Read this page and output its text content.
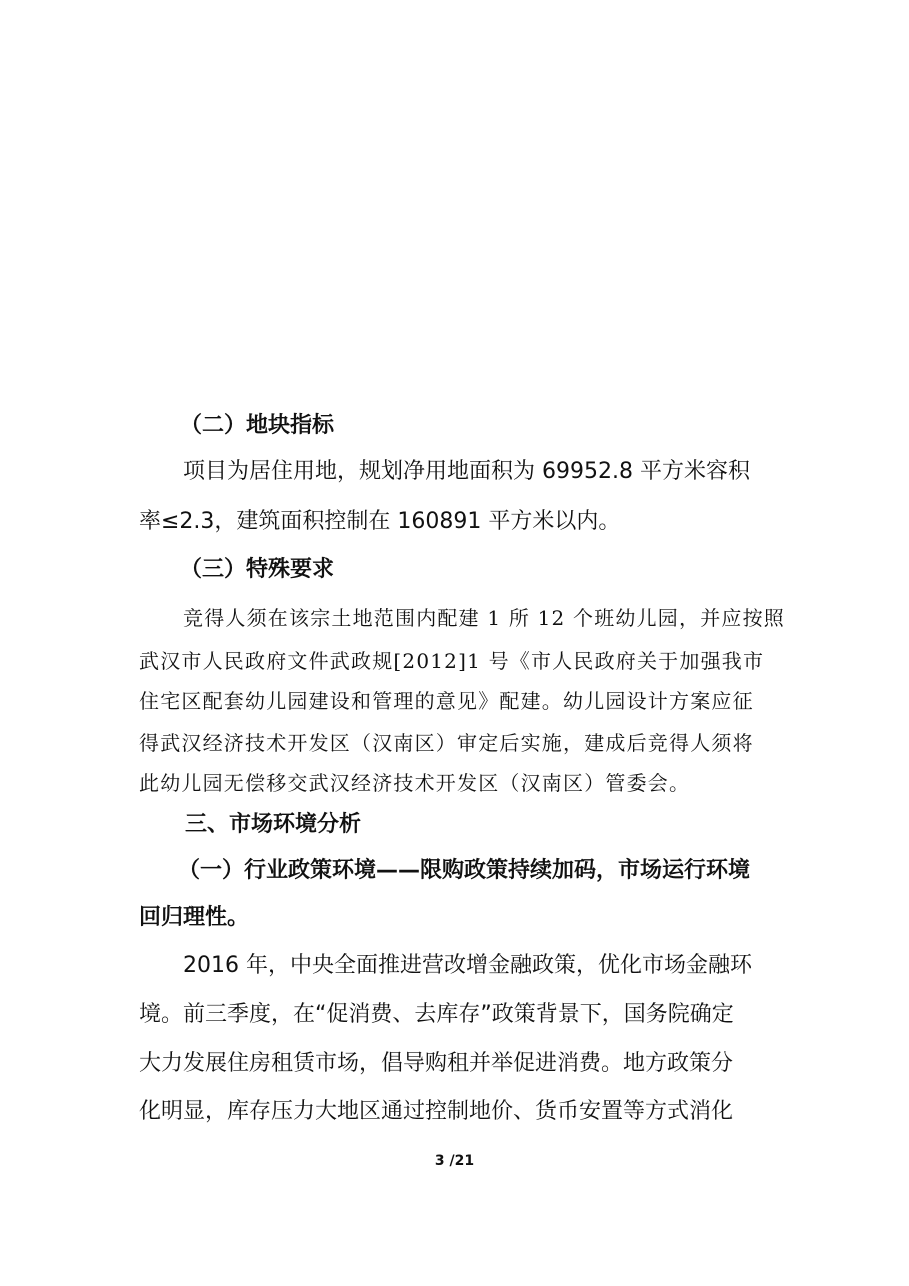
（二）地块指标
项目为居住用地，规划净用地面积为 69952.8 平方米容积
率≤2.3，建筑面积控制在 160891 平方米以内。
（三）特殊要求
竞得人须在该宗土地范围内配建 1 所 12 个班幼儿园，并应按照
武汉市人民政府文件武政规[2012]1 号《市人民政府关于加强我市
住宅区配套幼儿园建设和管理的意见》配建。幼儿园设计方案应征
得武汉经济技术开发区（汉南区）审定后实施，建成后竞得人须将
此幼儿园无偿移交武汉经济技术开发区（汉南区）管委会。
三、市场环境分析
（一）行业政策环境——限购政策持续加码，市场运行环境
回归理性。
2016 年，中央全面推进营改增金融政策，优化市场金融环
境。前三季度，在“促消费、去库存”政策背景下，国务院确定
大力发展住房租赁市场，倡导购租并举促进消费。地方政策分
化明显，库存压力大地区通过控制地价、货币安置等方式消化
3 /21
